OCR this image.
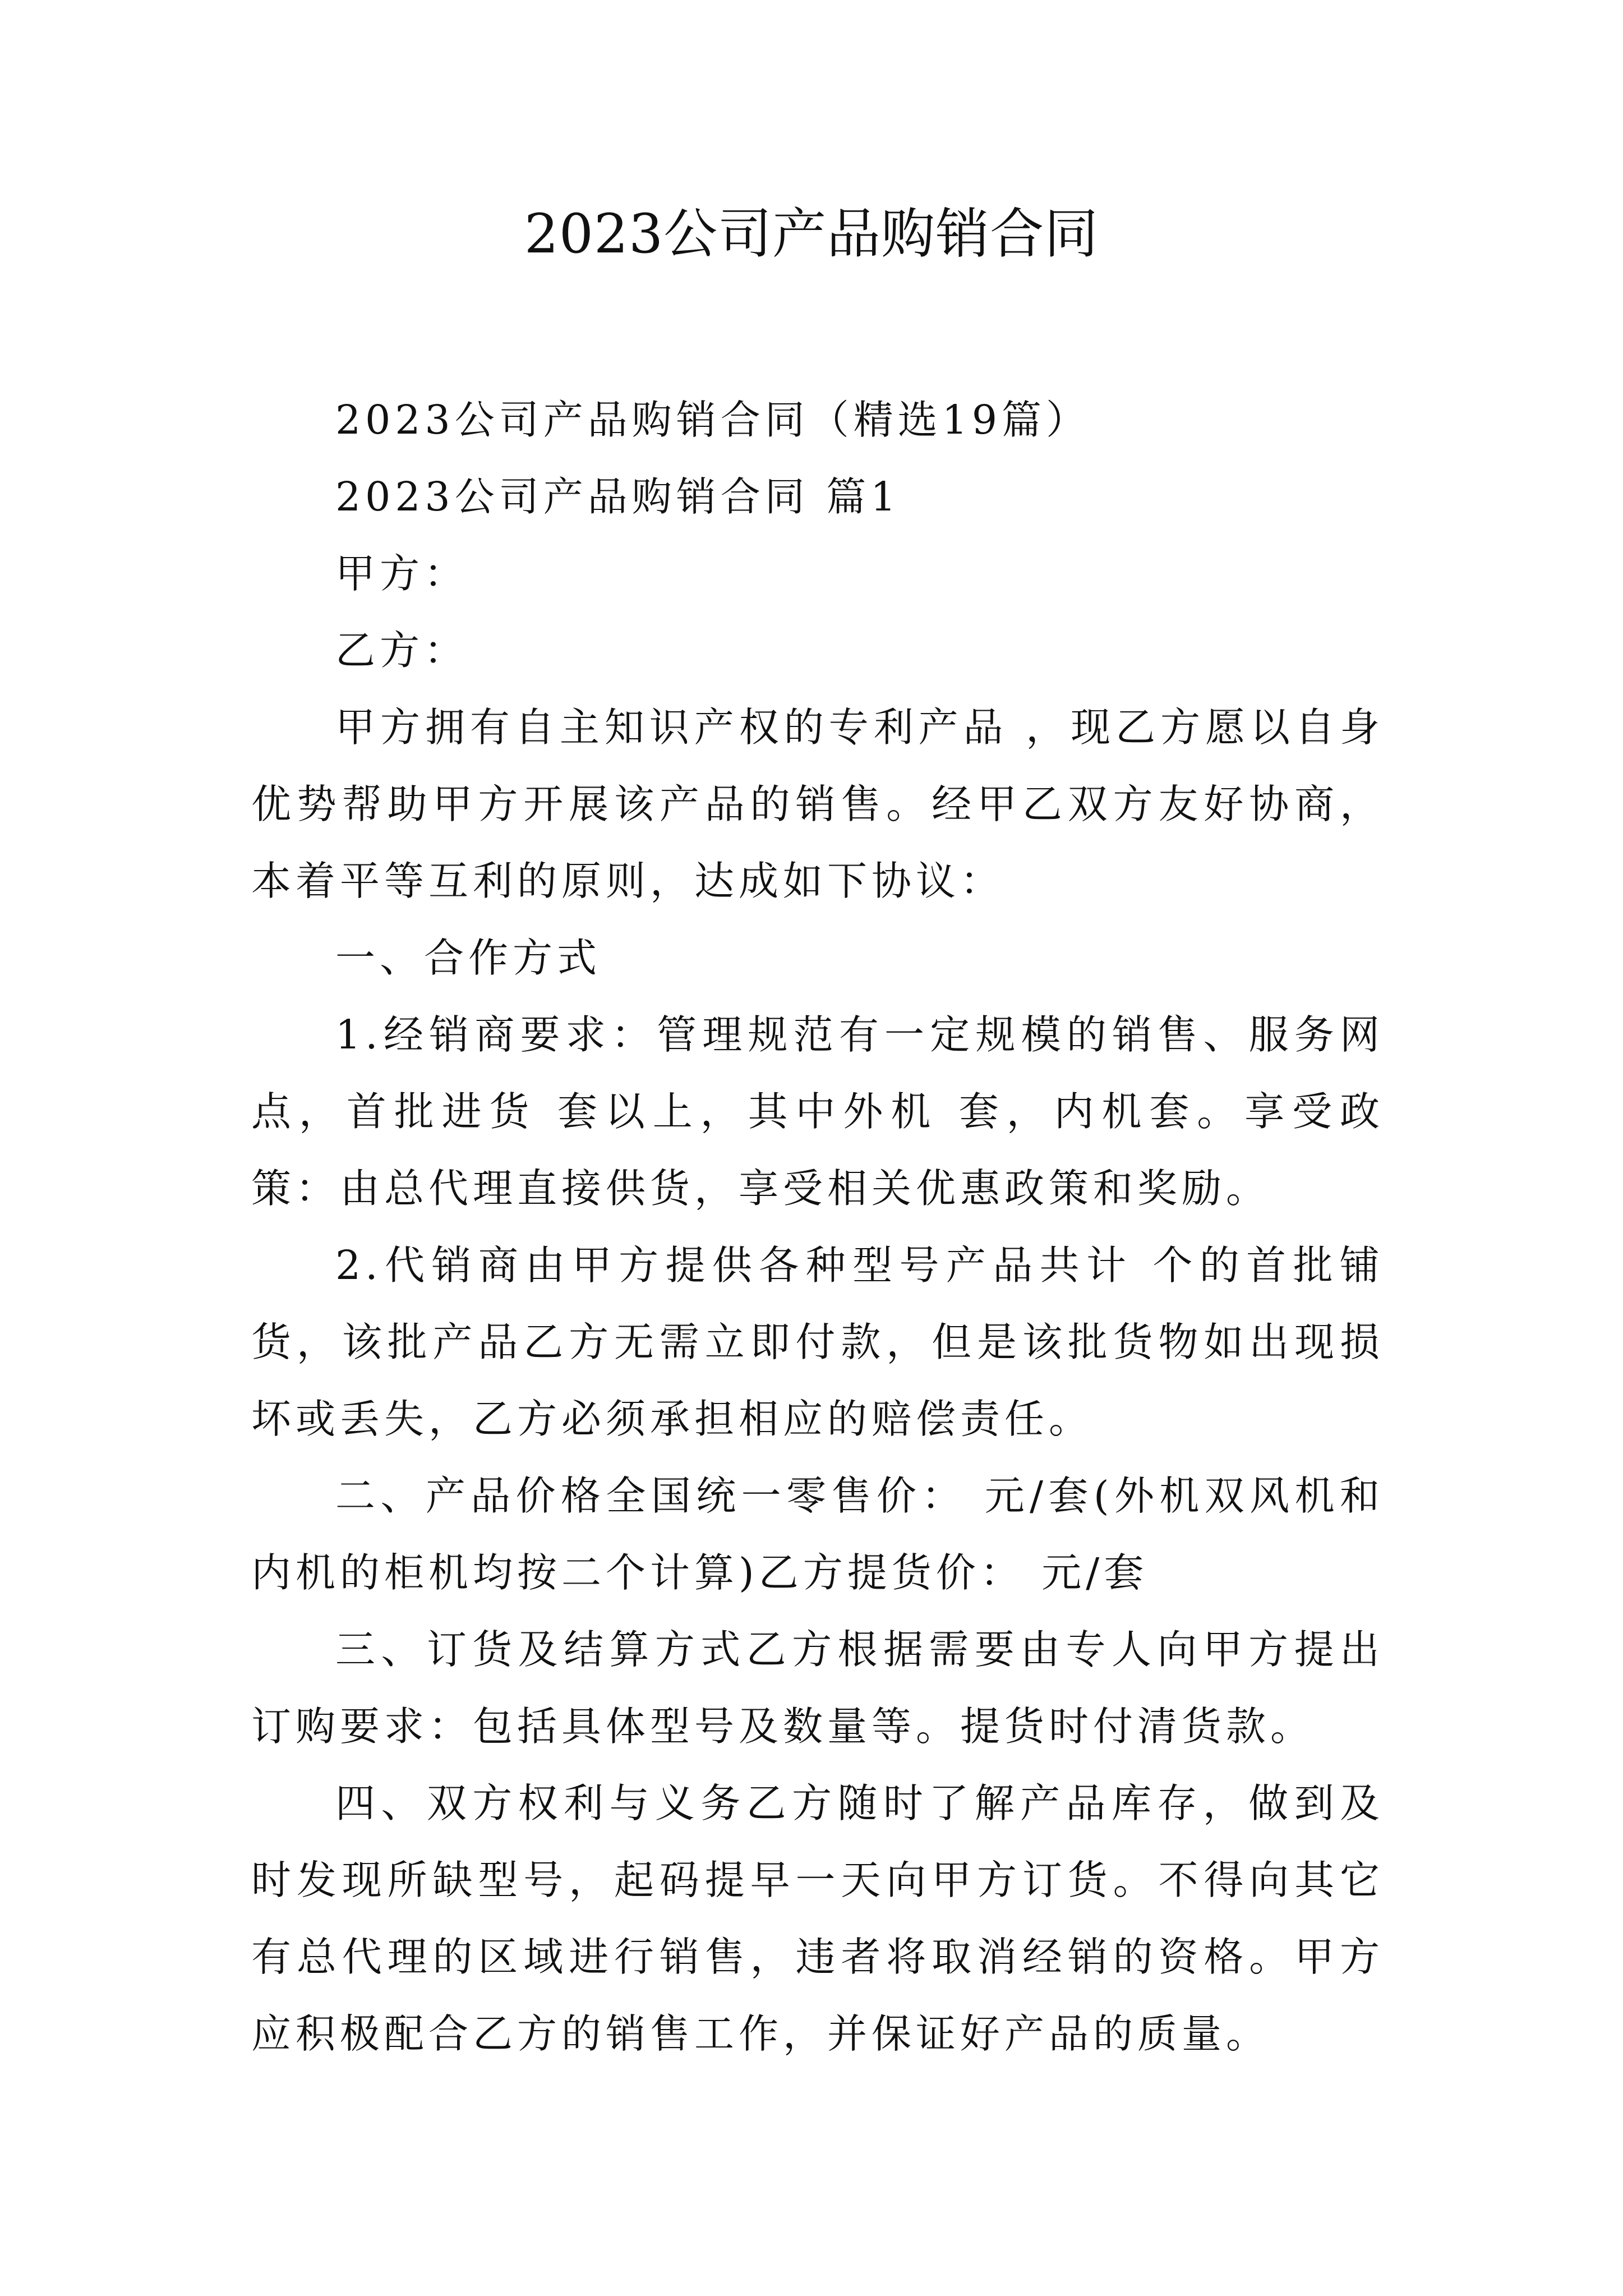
2023公司产品购销合同

2023公司产品购销合同（精选19篇）

2023公司产品购销合同 篇1

甲方：

乙方：

甲方拥有自主知识产权的专利产品 ，现乙方愿以自身优势帮助甲方开展该产品的销售。经甲乙双方友好协商，本着平等互利的原则，达成如下协议：

一、合作方式

1.经销商要求：管理规范有一定规模的销售、服务网点，首批进货 套以上，其中外机 套，内机套。享受政策：由总代理直接供货，享受相关优惠政策和奖励。

2.代销商由甲方提供各种型号产品共计 个的首批铺货，该批产品乙方无需立即付款，但是该批货物如出现损坏或丢失，乙方必须承担相应的赔偿责任。

二、产品价格全国统一零售价： 元/套(外机双风机和内机的柜机均按二个计算)乙方提货价： 元/套

三、订货及结算方式乙方根据需要由专人向甲方提出订购要求：包括具体型号及数量等。提货时付清货款。

四、双方权利与义务乙方随时了解产品库存，做到及时发现所缺型号，起码提早一天向甲方订货。不得向其它有总代理的区域进行销售，违者将取消经销的资格。甲方应积极配合乙方的销售工作，并保证好产品的质量。
